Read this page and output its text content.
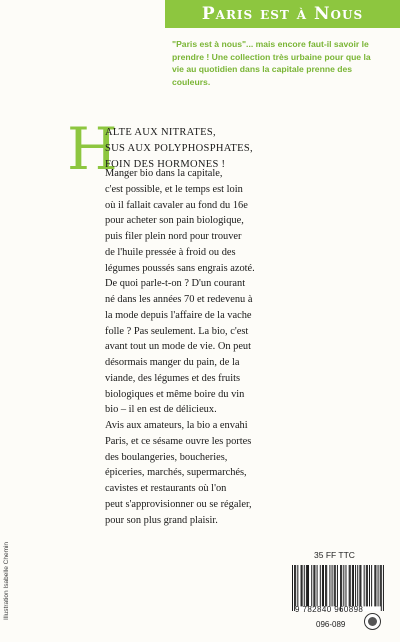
Paris est à Nous
"Paris est à nous"... mais encore faut-il savoir le prendre ! Une collection très urbaine pour que la vie au quotidien dans la capitale prenne des couleurs.
H
ALTE AUX NITRATES,
SUS AUX POLYPHOSPHATES,
FOIN DES HORMONES !
Manger bio dans la capitale,
c'est possible, et le temps est loin
où il fallait cavaler au fond du 16e
pour acheter son pain biologique,
puis filer plein nord pour trouver
de l'huile pressée à froid ou des
légumes poussés sans engrais azoté.
De quoi parle-t-on ? D'un courant
né dans les années 70 et redevenu à
la mode depuis l'affaire de la vache
folle ? Pas seulement. La bio, c'est
avant tout un mode de vie. On peut
désormais manger du pain, de la
viande, des légumes et des fruits
biologiques et même boire du vin
bio – il en est de délicieux.
Avis aux amateurs, la bio a envahi
Paris, et ce sésame ouvre les portes
des boulangeries, boucheries,
épiceries, marchés, supermarchés,
cavistes et restaurants où l'on
peut s'approvisionner ou se régaler,
pour son plus grand plaisir.
Illustration Isabelle Chemin	35 FF TTC
9 782840 960898
096-089
